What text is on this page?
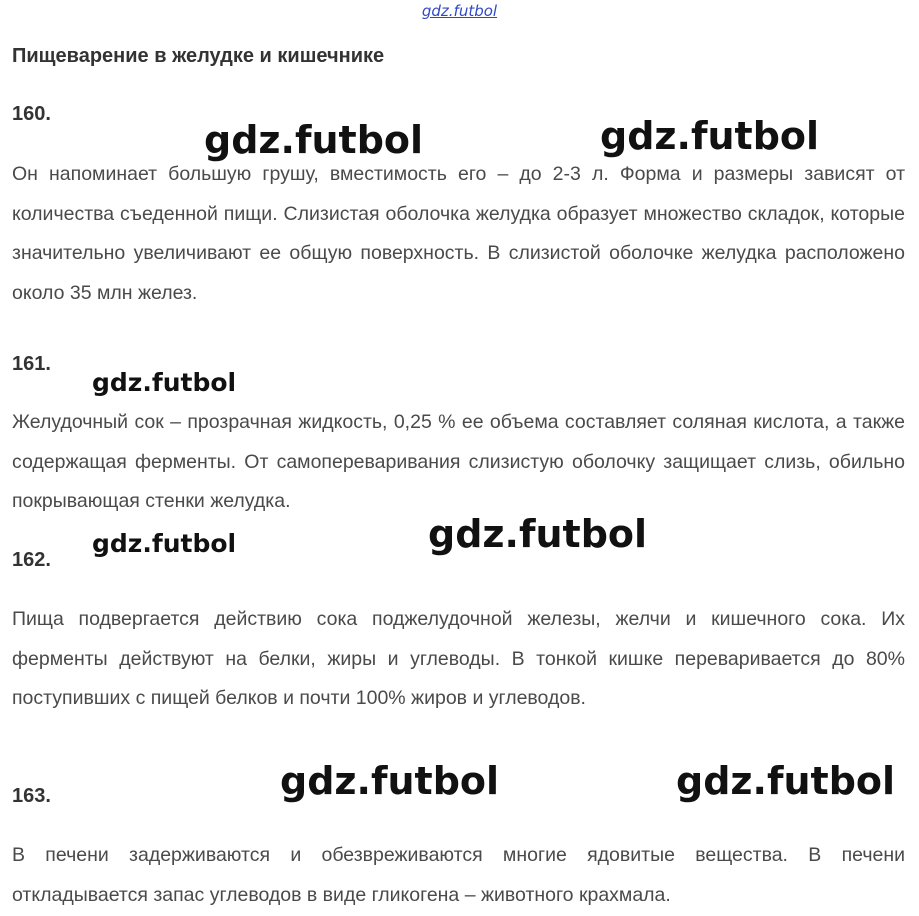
gdz.futbol
Пищеварение в желудке и кишечнике
160.

Он напоминает большую грушу, вместимость его – до 2-3 л. Форма и размеры зависят от количества съеденной пищи. Слизистая оболочка желудка образует множество складок, которые значительно увеличивают ее общую поверхность. В слизистой оболочке желудка расположено около 35 млн желез.

161.

Желудочный сок – прозрачная жидкость, 0,25 % ее объема составляет соляная кислота, а также содержащая ферменты. От самопереваривания слизистую оболочку защищает слизь, обильно покрывающая стенки желудка.

162.

Пища подвергается действию сока поджелудочной железы, желчи и кишечного сока. Их ферменты действуют на белки, жиры и углеводы. В тонкой кишке переваривается до 80% поступивших с пищей белков и почти 100% жиров и углеводов.

163.

В печени задерживаются и обезвреживаются многие ядовитые вещества. В печени откладывается запас углеводов в виде гликогена – животного крахмала.

gdz.futbol	gdz.futbol
gdz.futbol
gdz.futbol	gdz.futbol
gdz.futbol	gdz.futbol
